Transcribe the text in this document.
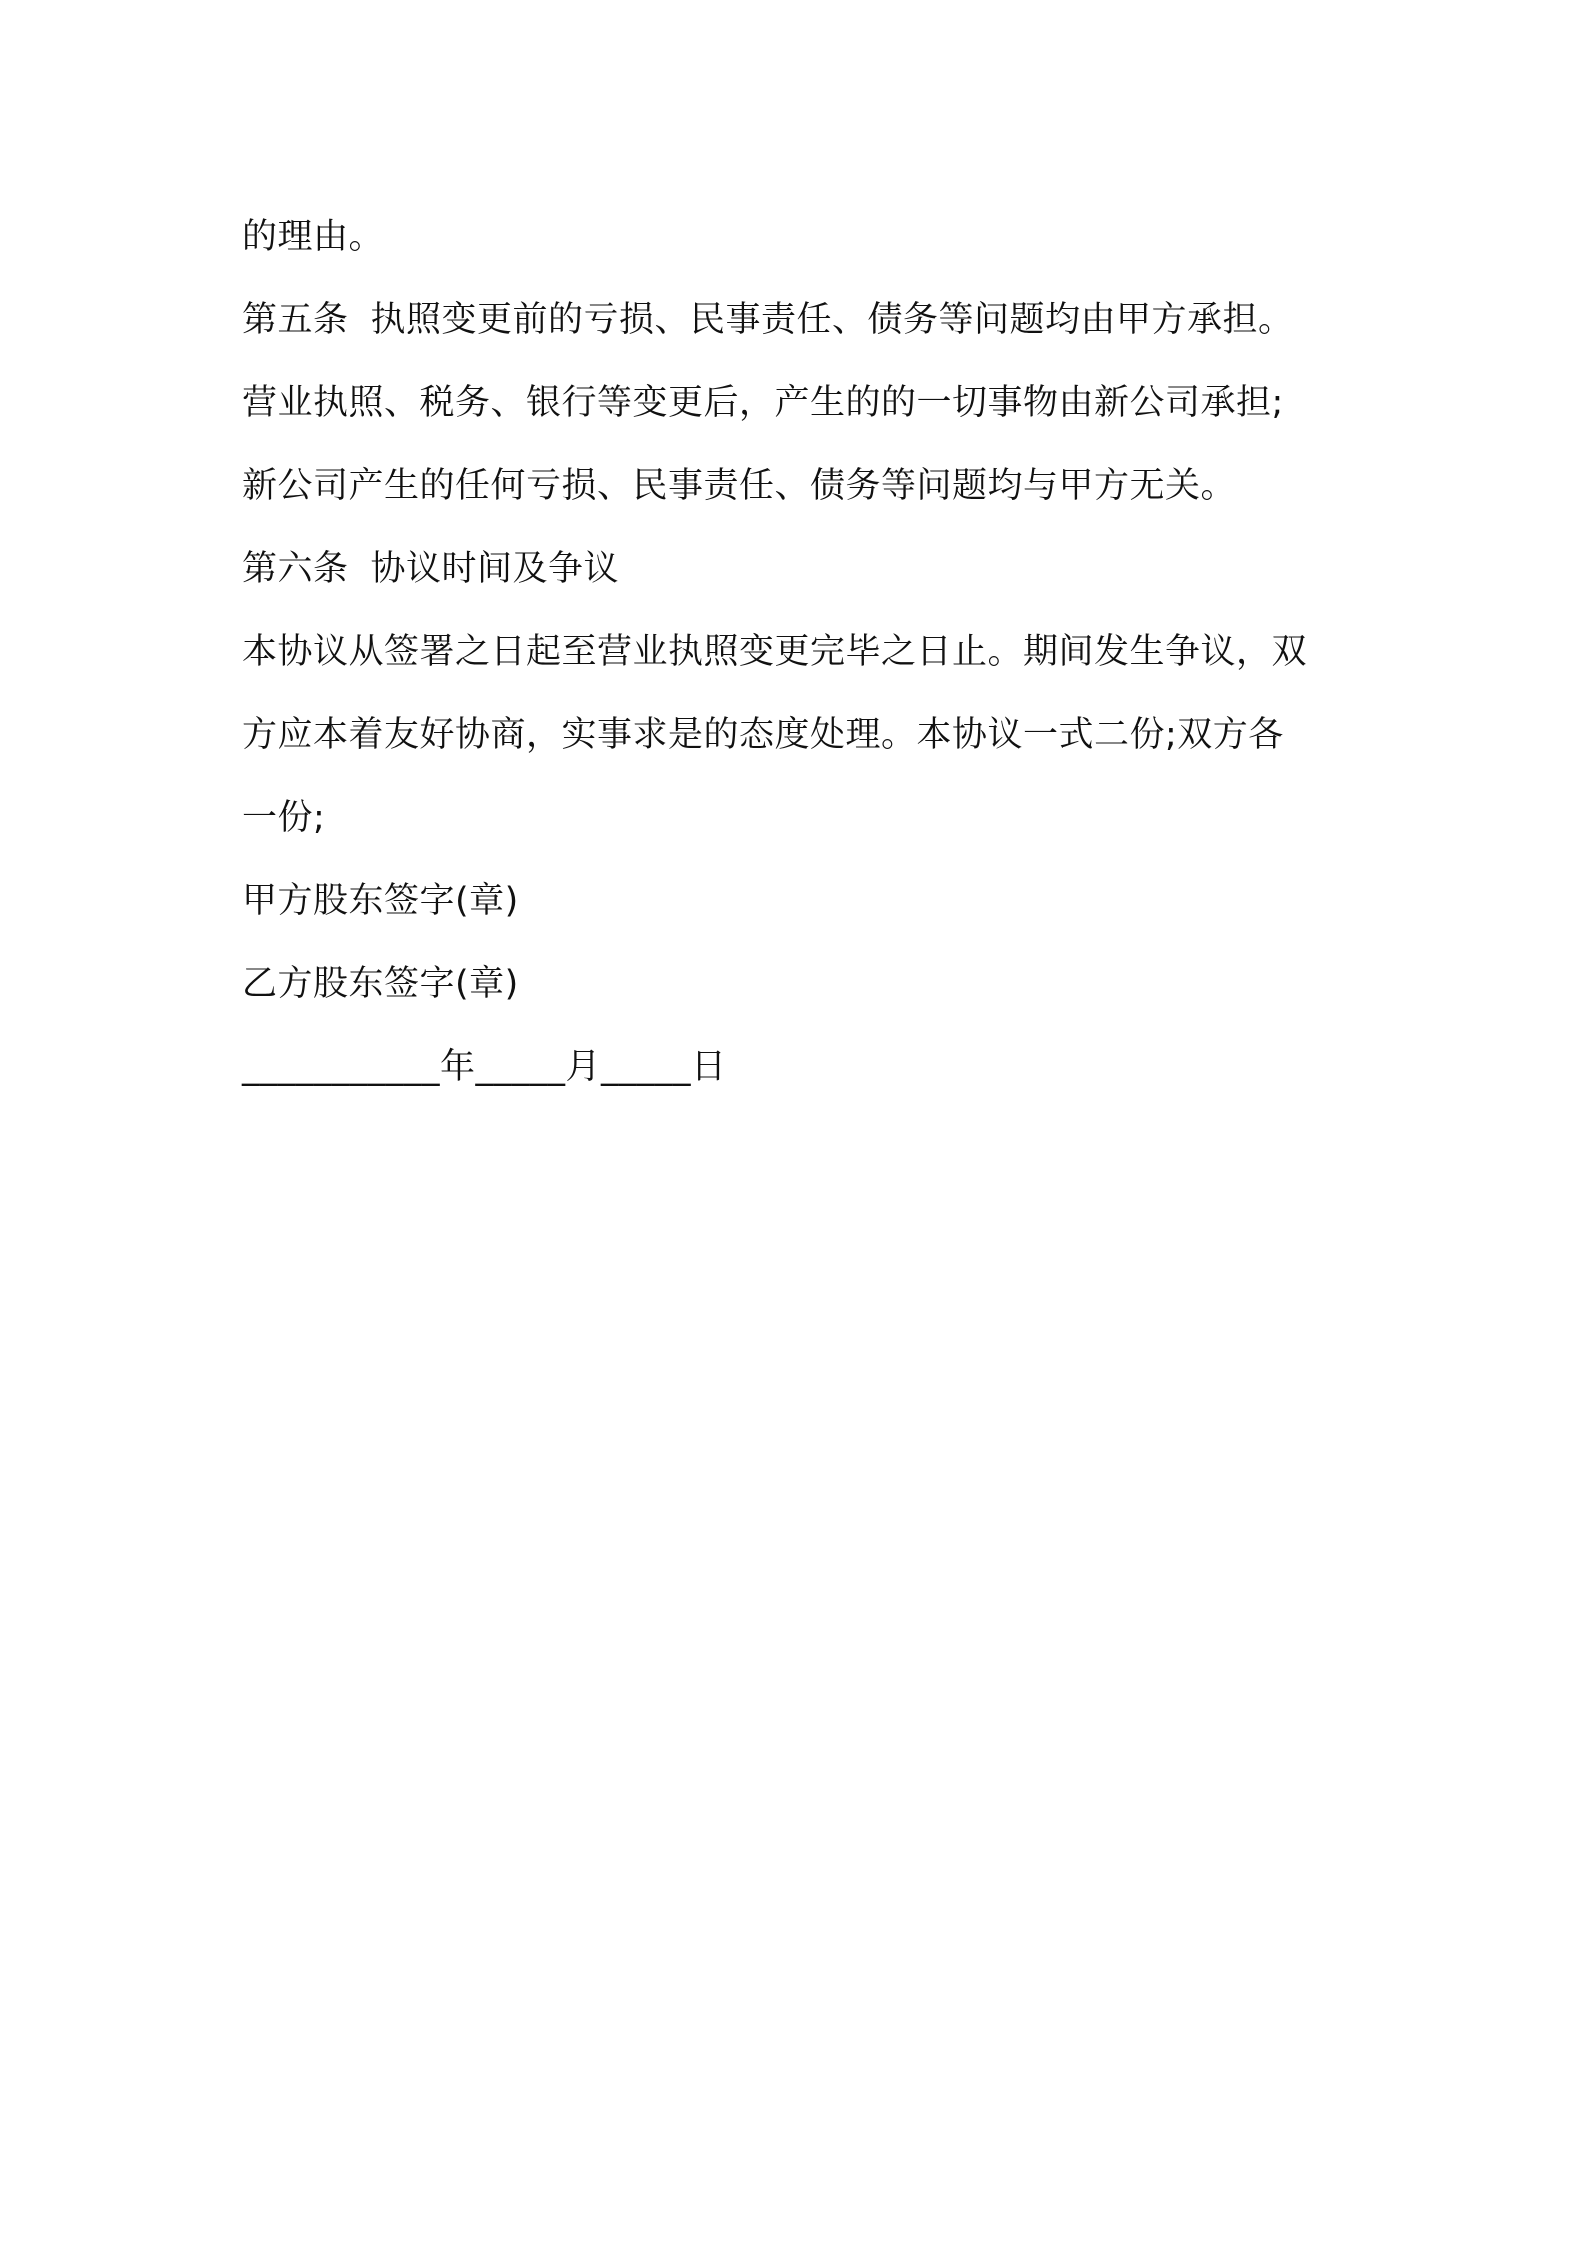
的理由。
第五条 执照变更前的亏损、民事责任、债务等问题均由甲方承担。
营业执照、税务、银行等变更后，产生的的一切事物由新公司承担;
新公司产生的任何亏损、民事责任、债务等问题均与甲方无关。
第六条 协议时间及争议
本协议从签署之日起至营业执照变更完毕之日止。期间发生争议，双
方应本着友好协商，实事求是的态度处理。本协议一式二份;双方各
一份;
甲方股东签字(章)
乙方股东签字(章)
___________年_____月_____日
